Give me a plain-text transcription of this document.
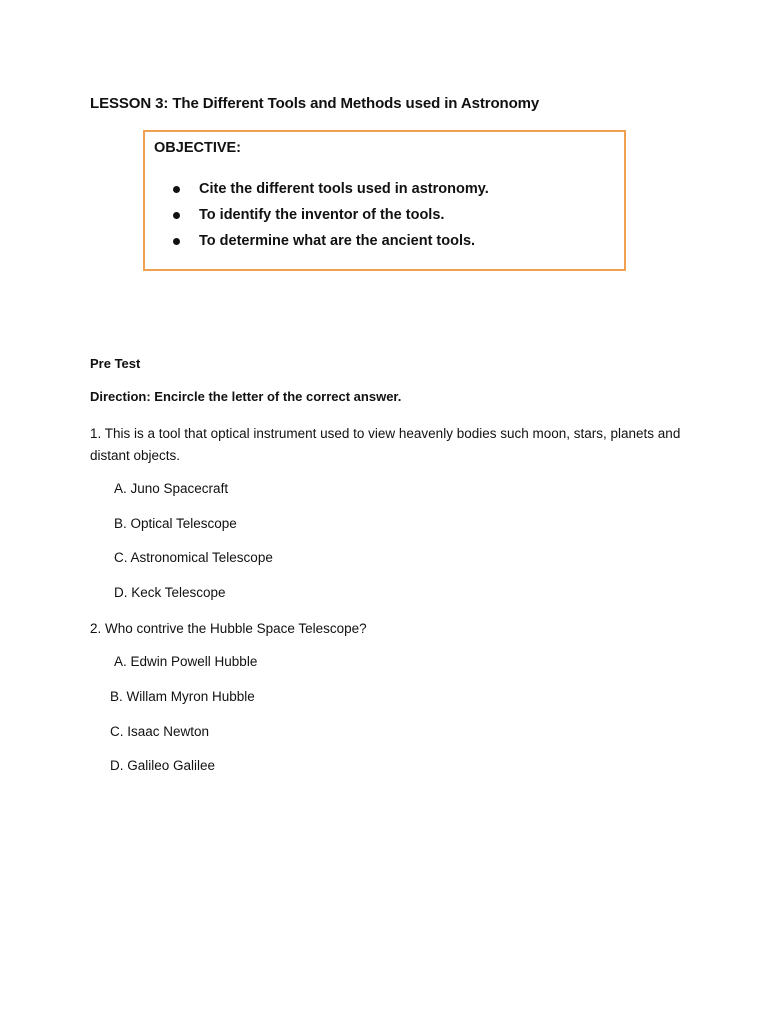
LESSON 3: The Different Tools and Methods used in Astronomy
OBJECTIVE:
Cite the different tools used in astronomy.
To identify the inventor of the tools.
To determine what are the ancient tools.
Pre Test
Direction: Encircle the letter of the correct answer.
1. This is a tool that optical instrument used to view heavenly bodies such moon, stars, planets and distant objects.
A. Juno Spacecraft
B. Optical Telescope
C. Astronomical Telescope
D. Keck Telescope
2. Who contrive the Hubble Space Telescope?
A. Edwin Powell Hubble
B. Willam Myron Hubble
C. Isaac Newton
D. Galileo Galilee
